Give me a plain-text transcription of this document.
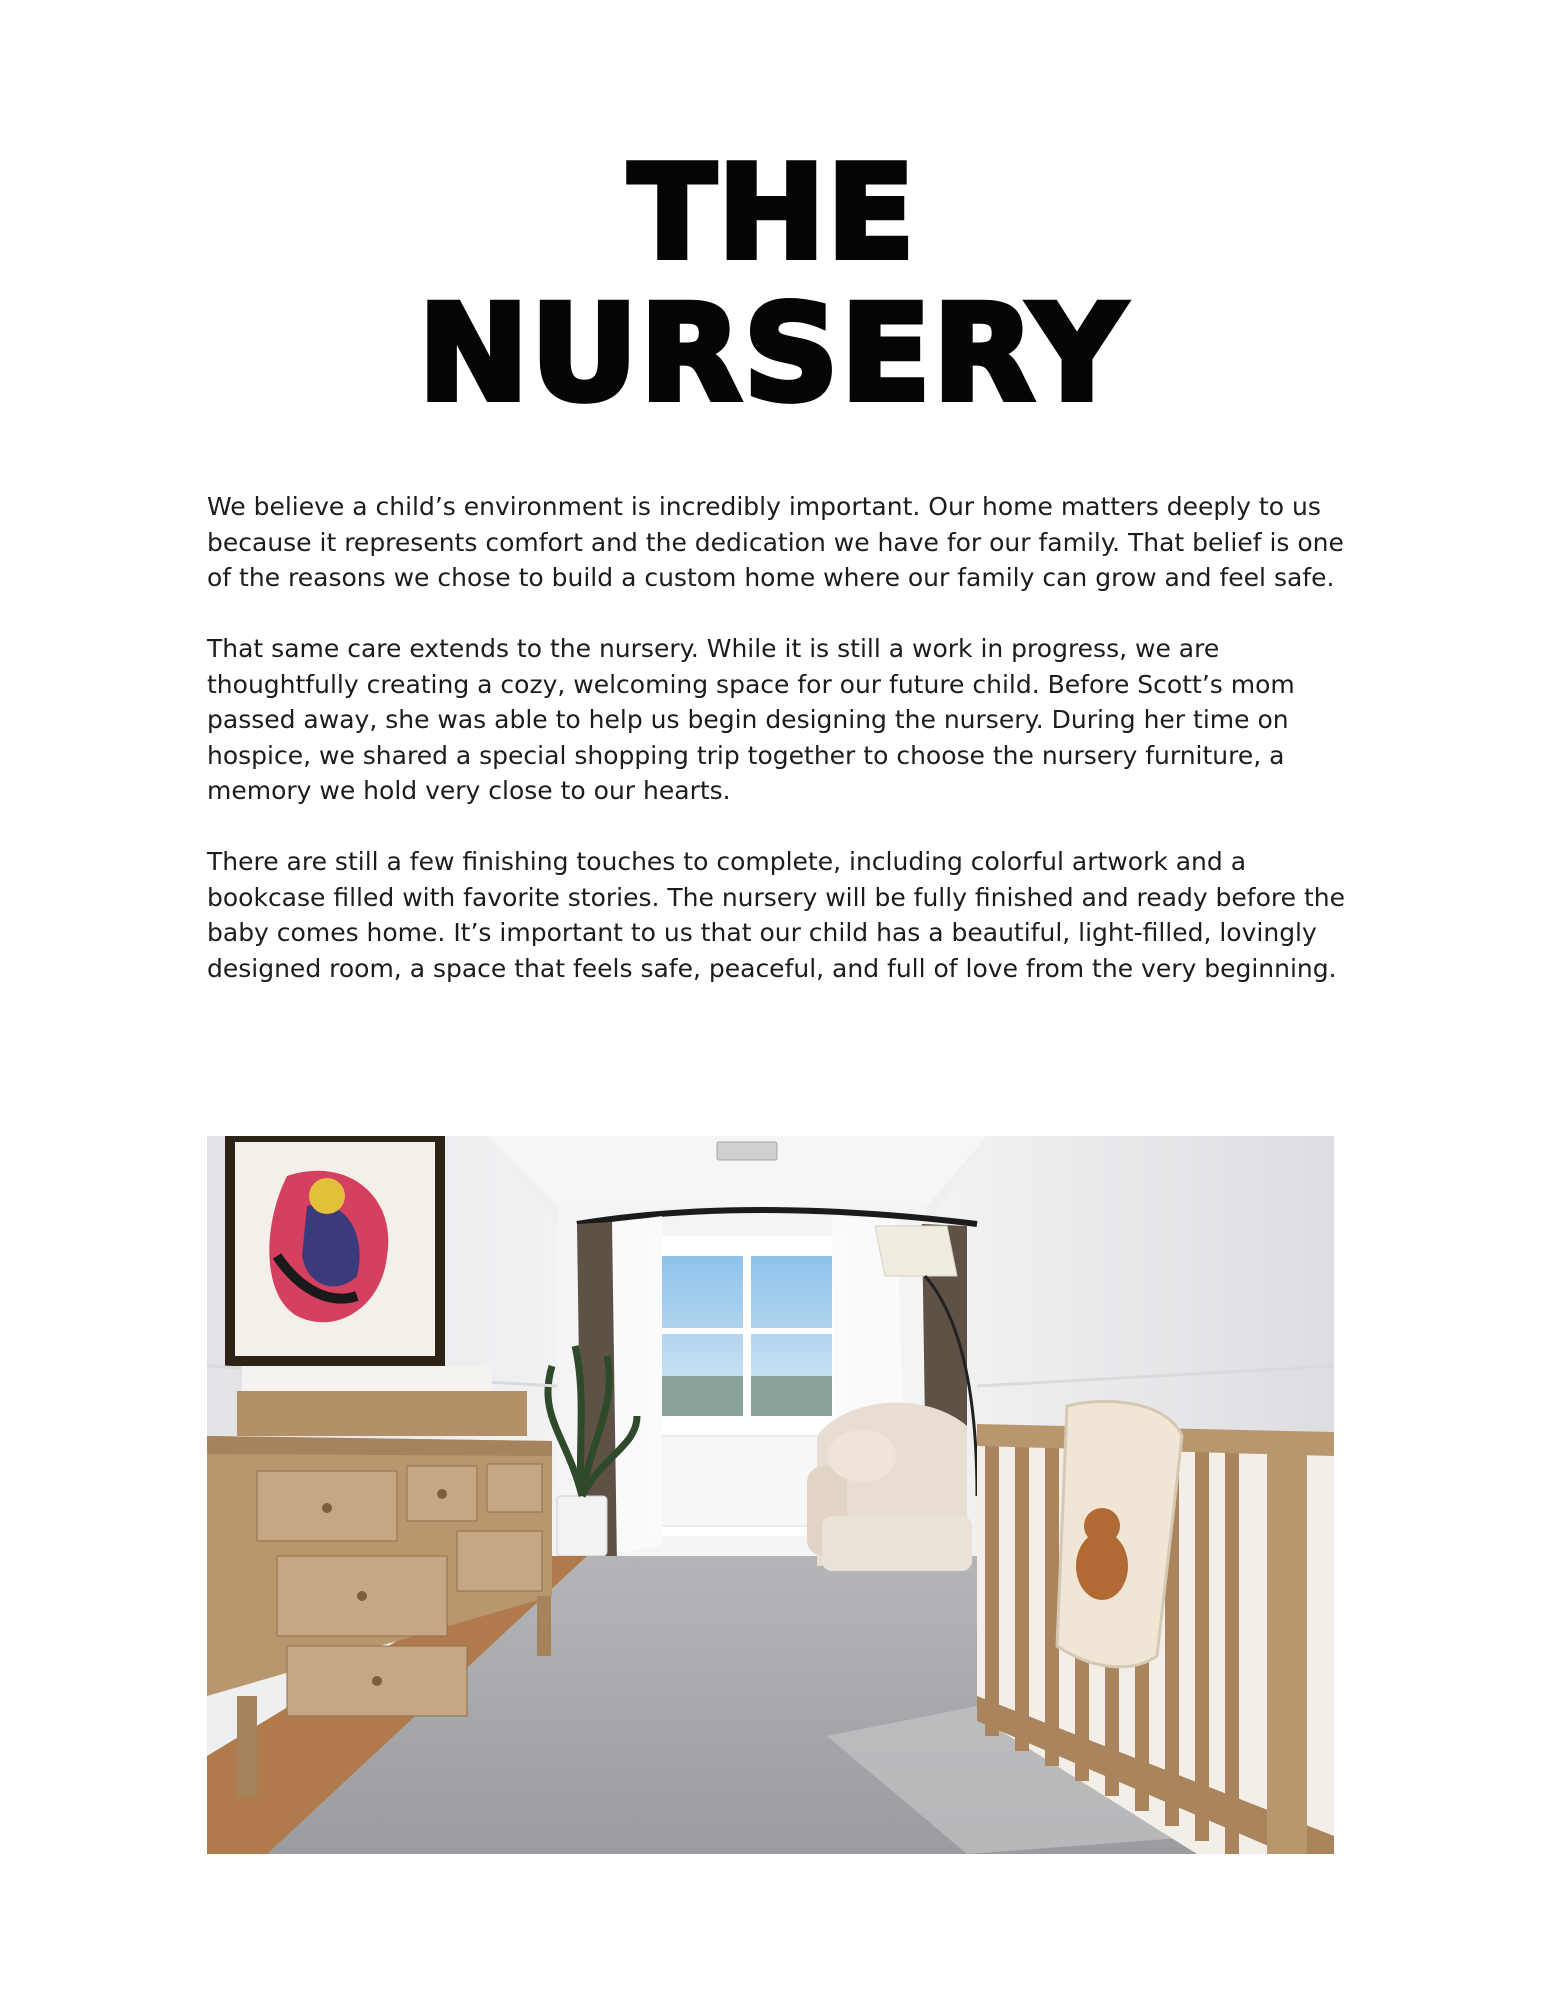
THE
NURSERY

We believe a child’s environment is incredibly important. Our home matters deeply to us because it represents comfort and the dedication we have for our family. That belief is one of the reasons we chose to build a custom home where our family can grow and feel safe.

That same care extends to the nursery. While it is still a work in progress, we are thoughtfully creating a cozy, welcoming space for our future child. Before Scott’s mom passed away, she was able to help us begin designing the nursery. During her time on hospice, we shared a special shopping trip together to choose the nursery furniture, a memory we hold very close to our hearts.

There are still a few finishing touches to complete, including colorful artwork and a bookcase filled with favorite stories. The nursery will be fully finished and ready before the baby comes home. It’s important to us that our child has a beautiful, light-filled, lovingly designed room, a space that feels safe, peaceful, and full of love from the very beginning.
